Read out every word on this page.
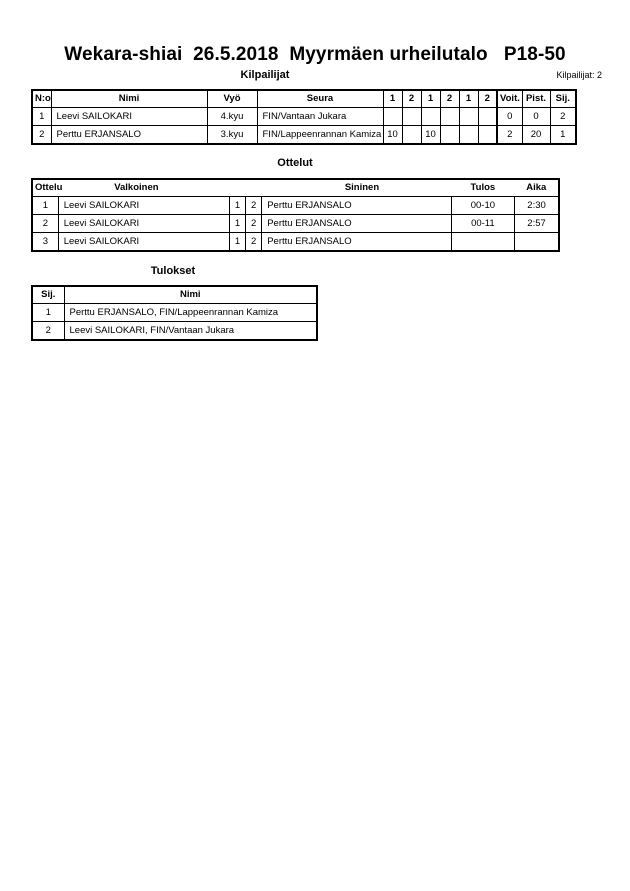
Wekara-shiai  26.5.2018  Myyrmäen urheilutalo   P18-50
Kilpailijat	Kilpailijat: 2
N:o	Nimi	Vyö	Seura	1	2	1	2	1	2	Voit.	Pist.	Sij.
1	Leevi SAILOKARI	4.kyu	FIN/Vantaan Jukara							0	0	2
2	Perttu ERJANSALO	3.kyu	FIN/Lappeenrannan Kamiza	10		10				2	20	1
Ottelut
Ottelu	Valkoinen			Sininen	Tulos	Aika
1	Leevi SAILOKARI	1	2	Perttu ERJANSALO	00-10	2:30
2	Leevi SAILOKARI	1	2	Perttu ERJANSALO	00-11	2:57
3	Leevi SAILOKARI	1	2	Perttu ERJANSALO		
Tulokset
Sij.	Nimi
1	Perttu ERJANSALO, FIN/Lappeenrannan Kamiza
2	Leevi SAILOKARI, FIN/Vantaan Jukara
